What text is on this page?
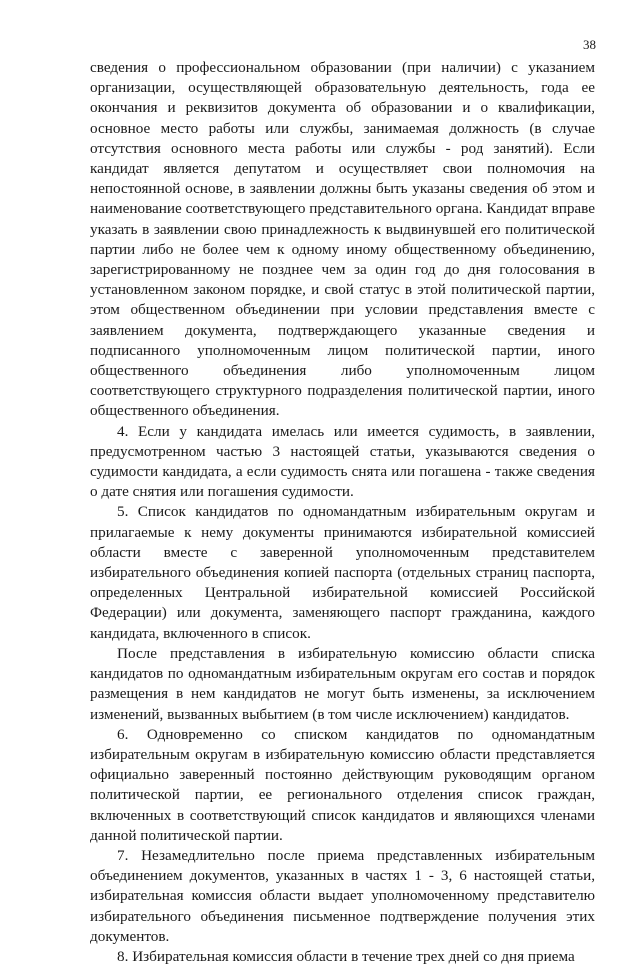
38

сведения о профессиональном образовании (при наличии) с указанием организации, осуществляющей образовательную деятельность, года ее окончания и реквизитов документа об образовании и о квалификации, основное место работы или службы, занимаемая должность (в случае отсутствия основного места работы или службы - род занятий). Если кандидат является депутатом и осуществляет свои полномочия на непостоянной основе, в заявлении должны быть указаны сведения об этом и наименование соответствующего представительного органа. Кандидат вправе указать в заявлении свою принадлежность к выдвинувшей его политической партии либо не более чем к одному иному общественному объединению, зарегистрированному не позднее чем за один год до дня голосования в установленном законом порядке, и свой статус в этой политической партии, этом общественном объединении при условии представления вместе с заявлением документа, подтверждающего указанные сведения и подписанного уполномоченным лицом политической партии, иного общественного объединения либо уполномоченным лицом соответствующего структурного подразделения политической партии, иного общественного объединения.

4. Если у кандидата имелась или имеется судимость, в заявлении, предусмотренном частью 3 настоящей статьи, указываются сведения о судимости кандидата, а если судимость снята или погашена - также сведения о дате снятия или погашения судимости.

5. Список кандидатов по одномандатным избирательным округам и прилагаемые к нему документы принимаются избирательной комиссией области вместе с заверенной уполномоченным представителем избирательного объединения копией паспорта (отдельных страниц паспорта, определенных Центральной избирательной комиссией Российской Федерации) или документа, заменяющего паспорт гражданина, каждого кандидата, включенного в список.

После представления в избирательную комиссию области списка кандидатов по одномандатным избирательным округам его состав и порядок размещения в нем кандидатов не могут быть изменены, за исключением изменений, вызванных выбытием (в том числе исключением) кандидатов.

6. Одновременно со списком кандидатов по одномандатным избирательным округам в избирательную комиссию области представляется официально заверенный постоянно действующим руководящим органом политической партии, ее регионального отделения список граждан, включенных в соответствующий список кандидатов и являющихся членами данной политической партии.

7. Незамедлительно после приема представленных избирательным объединением документов, указанных в частях 1 - 3, 6 настоящей статьи, избирательная комиссия области выдает уполномоченному представителю избирательного объединения письменное подтверждение получения этих документов.

8. Избирательная комиссия области в течение трех дней со дня приема
